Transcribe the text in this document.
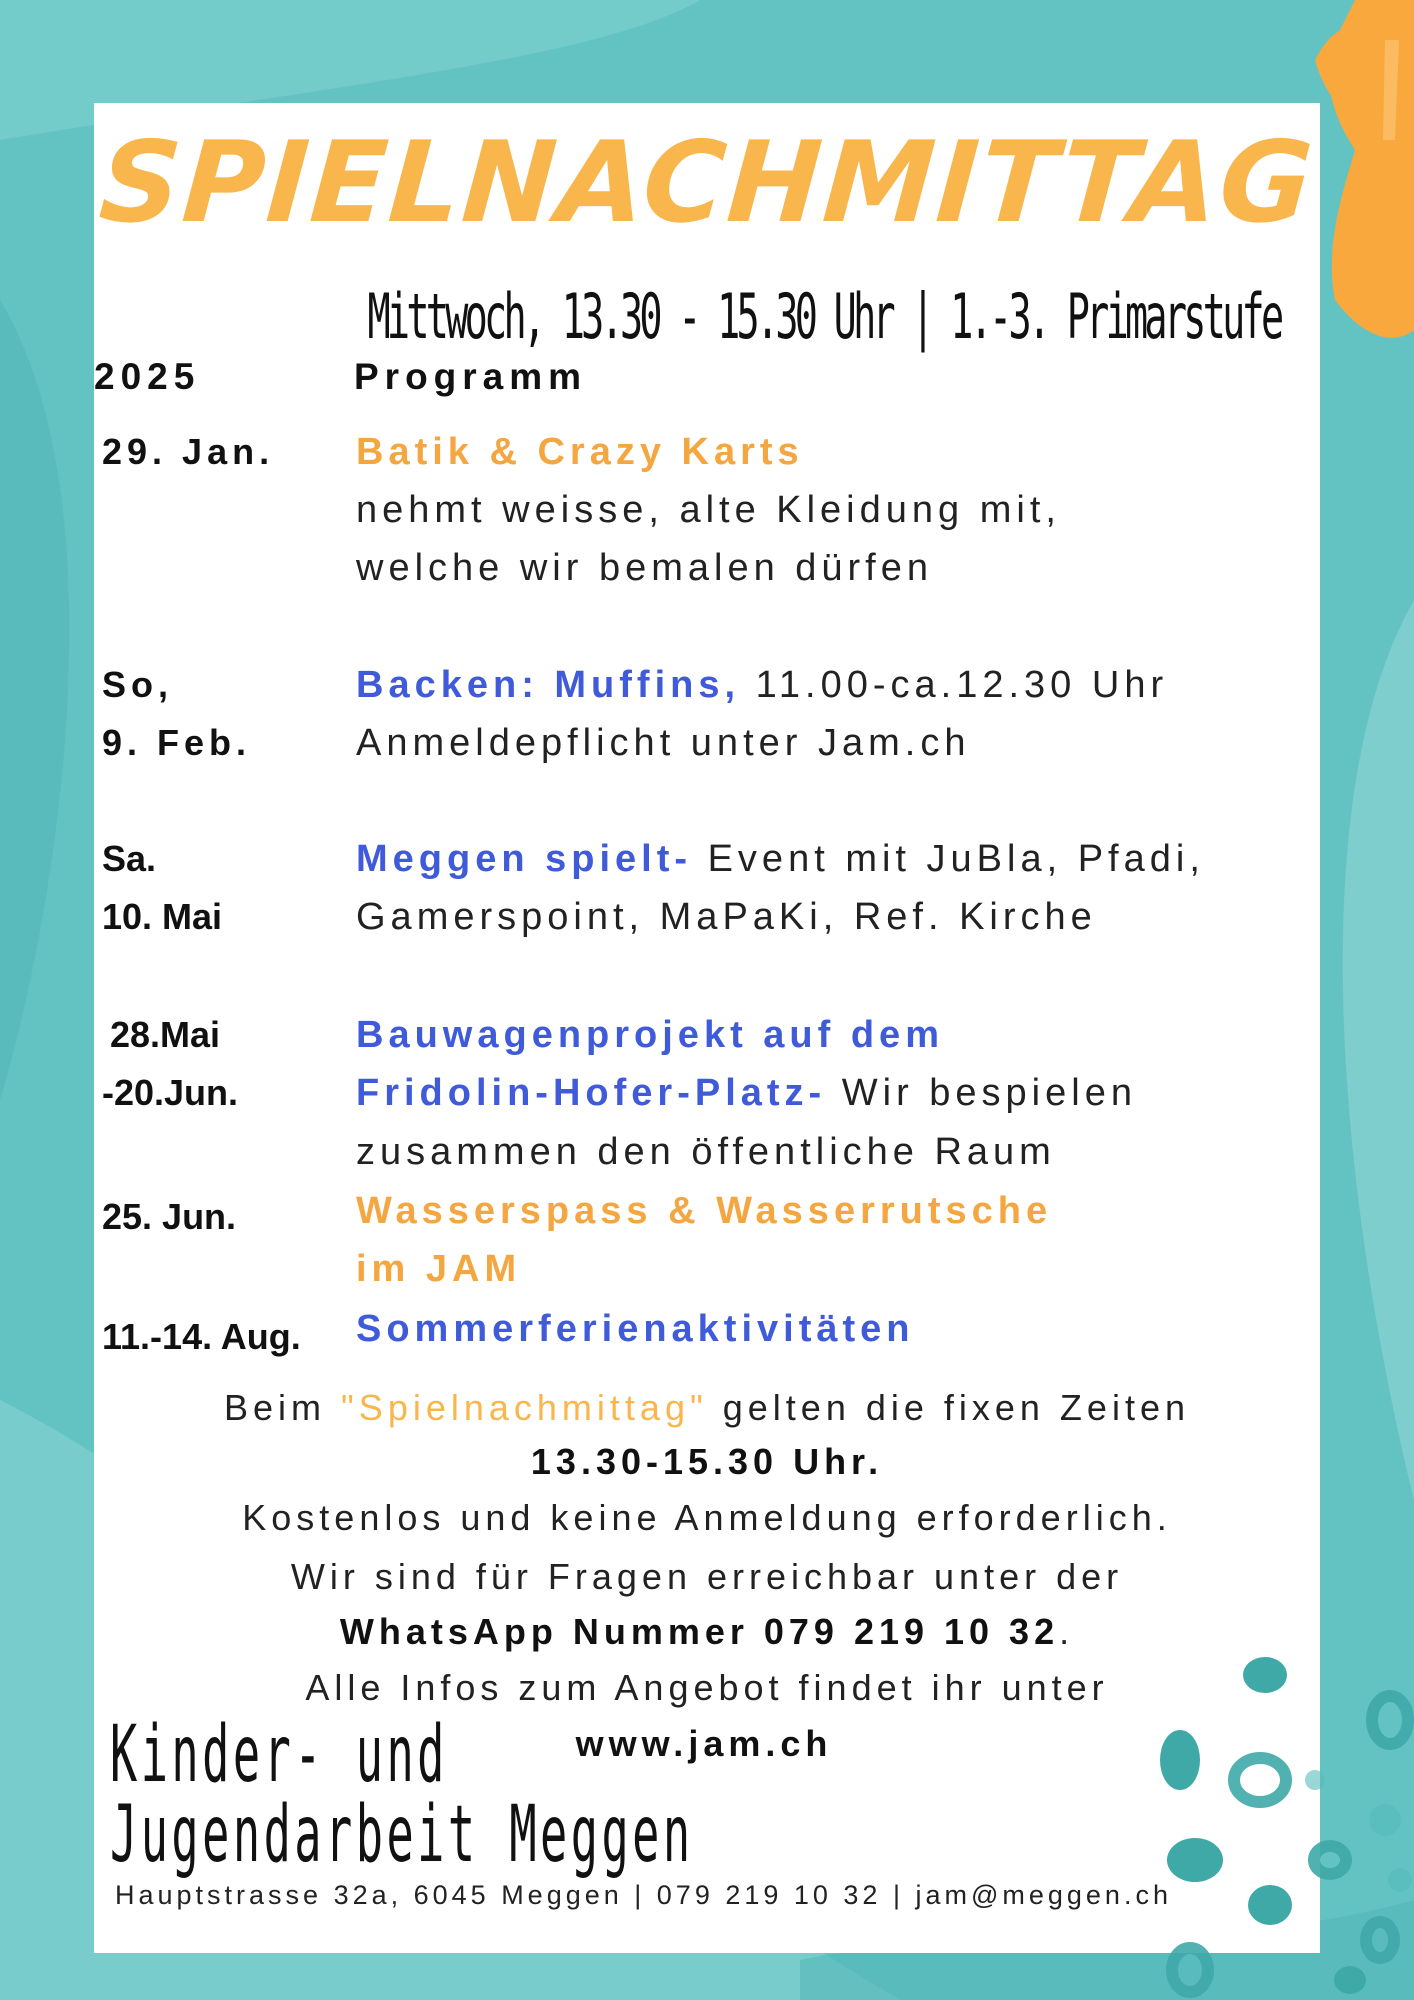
SPIELNACHMITTAG
Mittwoch, 13.30 - 15.30 Uhr | 1.-3. Primarstufe
2025	Programm
29. Jan. Batik & Crazy Karts
nehmt weisse, alte Kleidung mit,
welche wir bemalen dürfen
So,
9. Feb.
Backen: Muffins, 11.00-ca.12.30 Uhr
Anmeldepflicht unter Jam.ch
Sa.
10. Mai
Meggen spielt- Event mit JuBla, Pfadi,
Gamerspoint, MaPaKi, Ref. Kirche
28.Mai
-20.Jun.
Bauwagenprojekt auf dem
Fridolin-Hofer-Platz- Wir bespielen
zusammen den öffentliche Raum
25. Jun.	Wasserspass & Wasserrutsche
im JAM
11.-14. Aug. Sommerferienaktivitäten
Beim "Spielnachmittag" gelten die fixen Zeiten
13.30-15.30 Uhr.
Kostenlos und keine Anmeldung erforderlich.
Wir sind für Fragen erreichbar unter der
WhatsApp Nummer 079 219 10 32.
Alle Infos zum Angebot findet ihr unter
www.jam.ch
Kinder- und
Jugendarbeit Meggen
Hauptstrasse 32a, 6045 Meggen | 079 219 10 32 | jam@meggen.ch
